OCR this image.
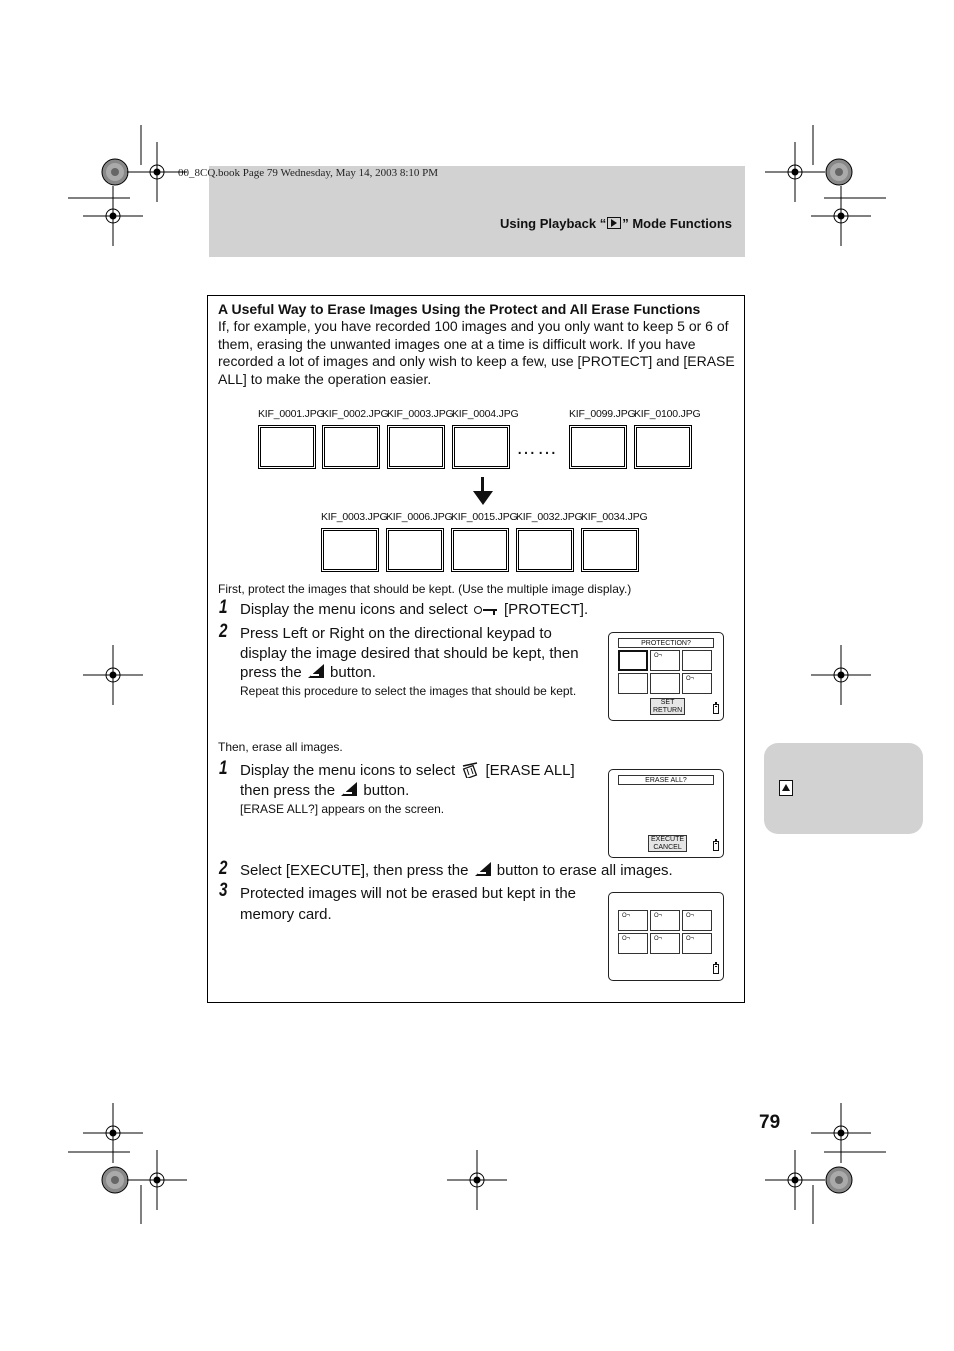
00_8CQ.book Page 79 Wednesday, May 14, 2003 8:10 PM
Using Playback “ ” Mode Functions
A Useful Way to Erase Images Using the Protect and All Erase Functions
If, for example, you have recorded 100 images and you only want to keep 5 or 6 of them, erasing the unwanted images one at a time is difficult work. If you have recorded a lot of images and only wish to keep a few, use [PROTECT] and [ERASE ALL] to make the operation easier.
KIF_0001.JPG
KIF_0002.JPG
KIF_0003.JPG
KIF_0004.JPG	KIF_0099.JPG
KIF_0100.JPG
……
KIF_0003.JPG
KIF_0006.JPG
KIF_0015.JPG
KIF_0032.JPG
KIF_0034.JPG
First, protect the images that should be kept. (Use the multiple image display.)
1 Display the menu icons and select [PROTECT].
2 Press Left or Right on the directional keypad to display the image desired that should be kept, then press the button.
Repeat this procedure to select the images that should be kept.
PROTECTION?
O¬
O¬
SET
RETURN
Then, erase all images.
1 Display the menu icons to select [ERASE ALL] then press the button.
[ERASE ALL?] appears on the screen.
ERASE ALL?
EXECUTE
CANCEL
2 Select [EXECUTE], then press the button to erase all images.
3 Protected images will not be erased but kept in the memory card.	O¬	O¬	O¬
O¬	O¬	O¬
79
